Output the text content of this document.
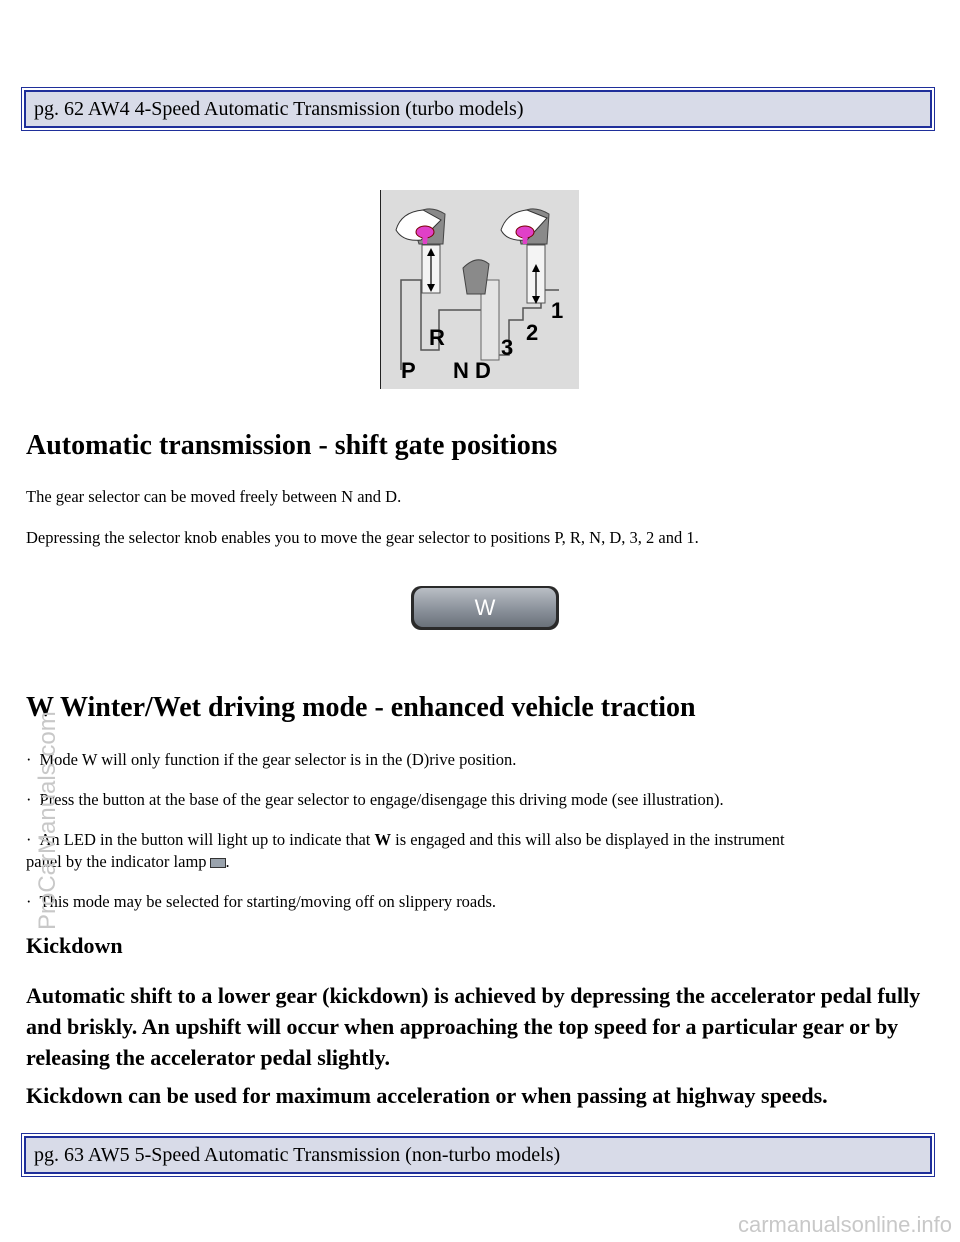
pg. 62 AW4 4-Speed Automatic Transmission (turbo models)
P
R
N D
3
2
1
Automatic transmission - shift gate positions
The gear selector can be moved freely between N and D.
Depressing the selector knob enables you to move the gear selector to positions P, R, N, D, 3, 2 and 1.
W
W Winter/Wet driving mode - enhanced vehicle traction
· Mode W will only function if the gear selector is in the (D)rive position.
· Press the button at the base of the gear selector to engage/disengage this driving mode (see illustration).
· An LED in the button will light up to indicate that W is engaged and this will also be displayed in the instrument
panel by the indicator lamp .
· This mode may be selected for starting/moving off on slippery roads.
Kickdown
Automatic shift to a lower gear (kickdown) is achieved by depressing the accelerator pedal fully and briskly. An upshift will occur when approaching the top speed for a particular gear or by releasing the accelerator pedal slightly.
Kickdown can be used for maximum acceleration or when passing at highway speeds.
pg. 63 AW5 5-Speed Automatic Transmission (non-turbo models)
ProCarManuals.com
carmanualsonline.info
